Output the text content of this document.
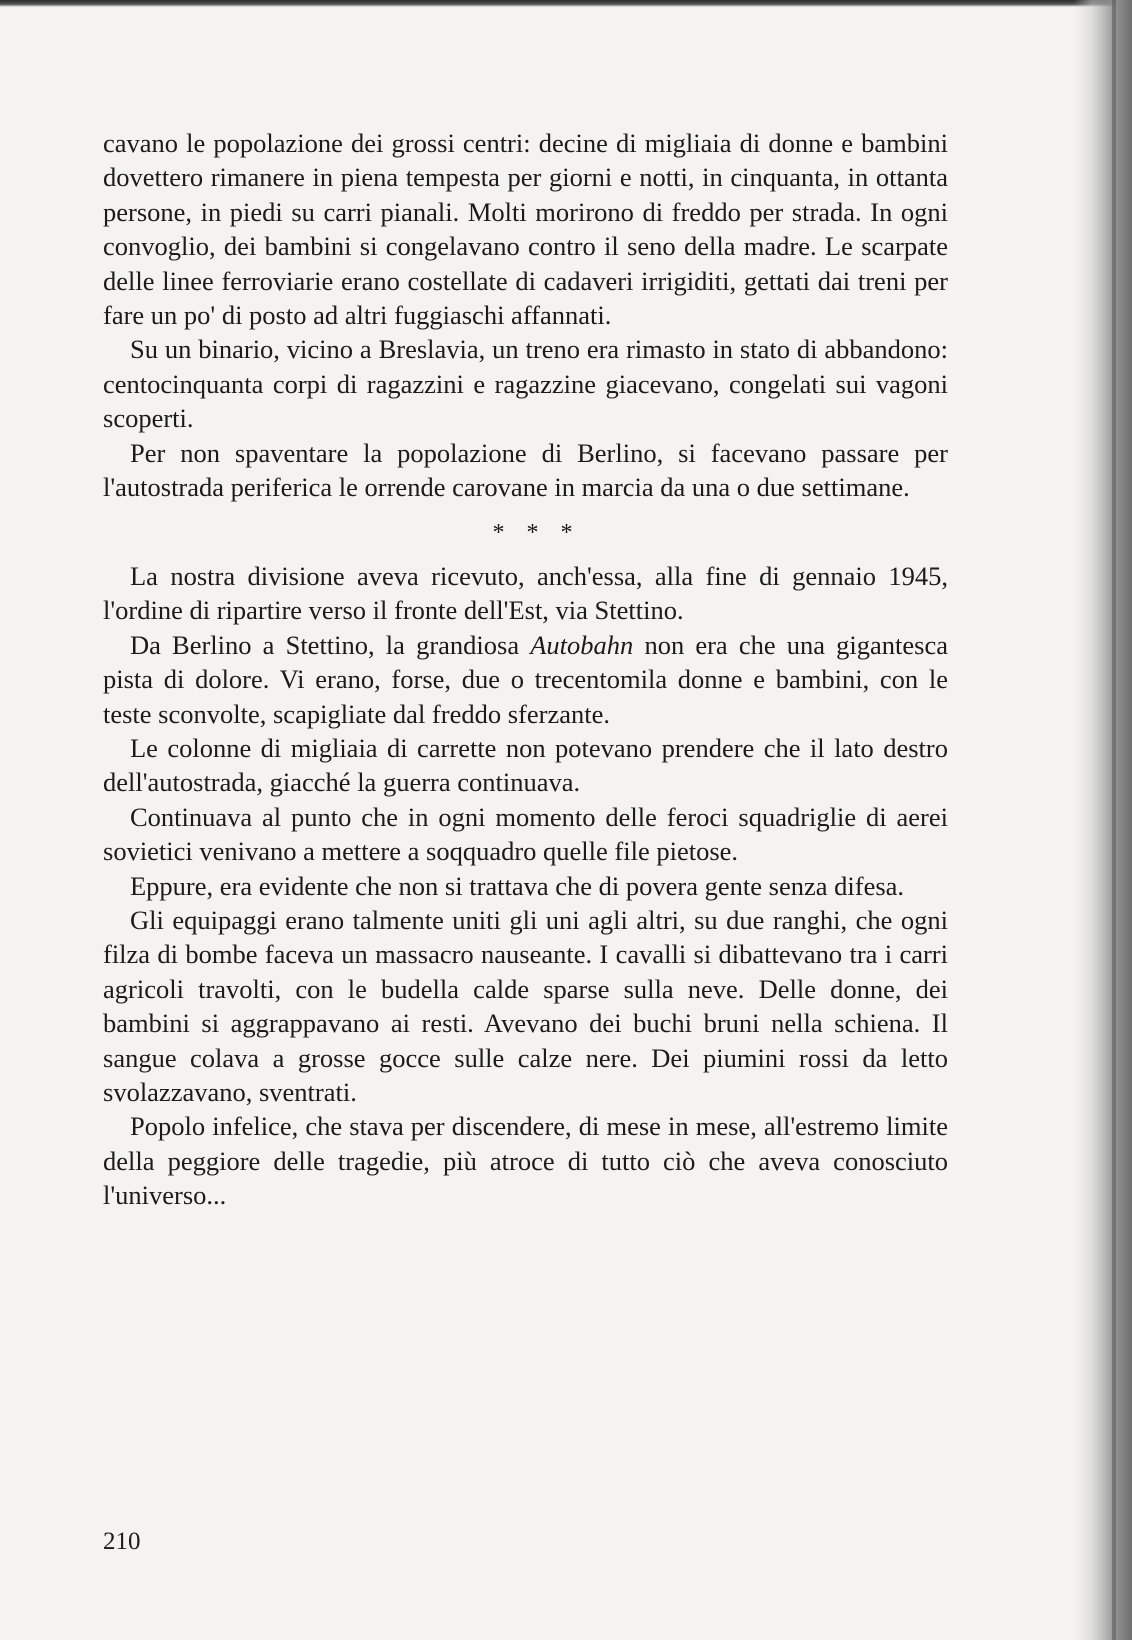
cavano le popolazione dei grossi centri: decine di migliaia di donne e bambini dovettero rimanere in piena tempesta per giorni e notti, in cinquanta, in ottanta persone, in piedi su carri pianali. Molti morirono di freddo per strada. In ogni convoglio, dei bambini si congelavano contro il seno della madre. Le scarpate delle linee ferroviarie erano costellate di cadaveri irrigiditi, gettati dai treni per fare un po' di posto ad altri fuggiaschi affannati.

Su un binario, vicino a Breslavia, un treno era rimasto in stato di abbandono: centocinquanta corpi di ragazzini e ragazzine giacevano, congelati sui vagoni scoperti.

Per non spaventare la popolazione di Berlino, si facevano passare per l'autostrada periferica le orrende carovane in marcia da una o due settimane.

* * *

La nostra divisione aveva ricevuto, anch'essa, alla fine di gennaio 1945, l'ordine di ripartire verso il fronte dell'Est, via Stettino.

Da Berlino a Stettino, la grandiosa Autobahn non era che una gigantesca pista di dolore. Vi erano, forse, due o trecentomila donne e bambini, con le teste sconvolte, scapigliate dal freddo sferzante.

Le colonne di migliaia di carrette non potevano prendere che il lato destro dell'autostrada, giacché la guerra continuava.

Continuava al punto che in ogni momento delle feroci squadriglie di aerei sovietici venivano a mettere a soqquadro quelle file pietose.

Eppure, era evidente che non si trattava che di povera gente senza difesa.

Gli equipaggi erano talmente uniti gli uni agli altri, su due ranghi, che ogni filza di bombe faceva un massacro nauseante. I cavalli si dibattevano tra i carri agricoli travolti, con le budella calde sparse sulla neve. Delle donne, dei bambini si aggrappavano ai resti. Avevano dei buchi bruni nella schiena. Il sangue colava a grosse gocce sulle calze nere. Dei piumini rossi da letto svolazzavano, sventrati.

Popolo infelice, che stava per discendere, di mese in mese, all'estremo limite della peggiore delle tragedie, più atroce di tutto ciò che aveva conosciuto l'universo...

210
